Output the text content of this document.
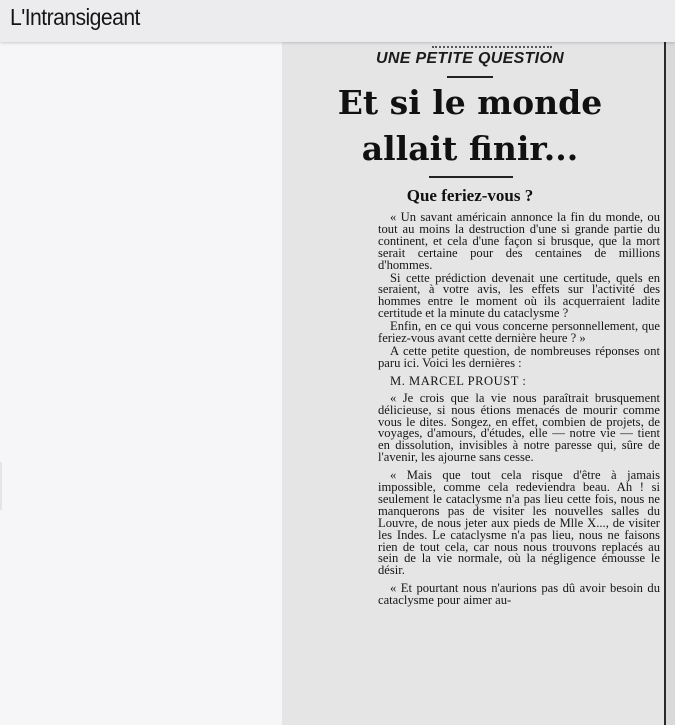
L'Intransigeant
UNE PETITE QUESTION
Et si le monde
allait finir...
Que feriez-vous ?

« Un savant américain annonce la fin du monde, ou tout au moins la destruction d'une si grande partie du continent, et cela d'une façon si brusque, que la mort serait certaine pour des centaines de millions d'hommes.

Si cette prédiction devenait une certitude, quels en seraient, à votre avis, les effets sur l'activité des hommes entre le moment où ils acquerraient ladite certitude et la minute du cataclysme ?

Enfin, en ce qui vous concerne personnellement, que feriez-vous avant cette dernière heure ? »

A cette petite question, de nombreuses réponses ont paru ici. Voici les dernières :

M. MARCEL PROUST :

« Je crois que la vie nous paraîtrait brusquement délicieuse, si nous étions menacés de mourir comme vous le dites. Songez, en effet, combien de projets, de voyages, d'amours, d'études, elle — notre vie — tient en dissolution, invisibles à notre paresse qui, sûre de l'avenir, les ajourne sans cesse.

« Mais que tout cela risque d'être à jamais impossible, comme cela redeviendra beau. Ah ! si seulement le cataclysme n'a pas lieu cette fois, nous ne manquerons pas de visiter les nouvelles salles du Louvre, de nous jeter aux pieds de Mlle X..., de visiter les Indes. Le cataclysme n'a pas lieu, nous ne faisons rien de tout cela, car nous nous trouvons replacés au sein de la vie normale, où la négligence émousse le désir.

« Et pourtant nous n'aurions pas dû avoir besoin du cataclysme pour aimer au-
